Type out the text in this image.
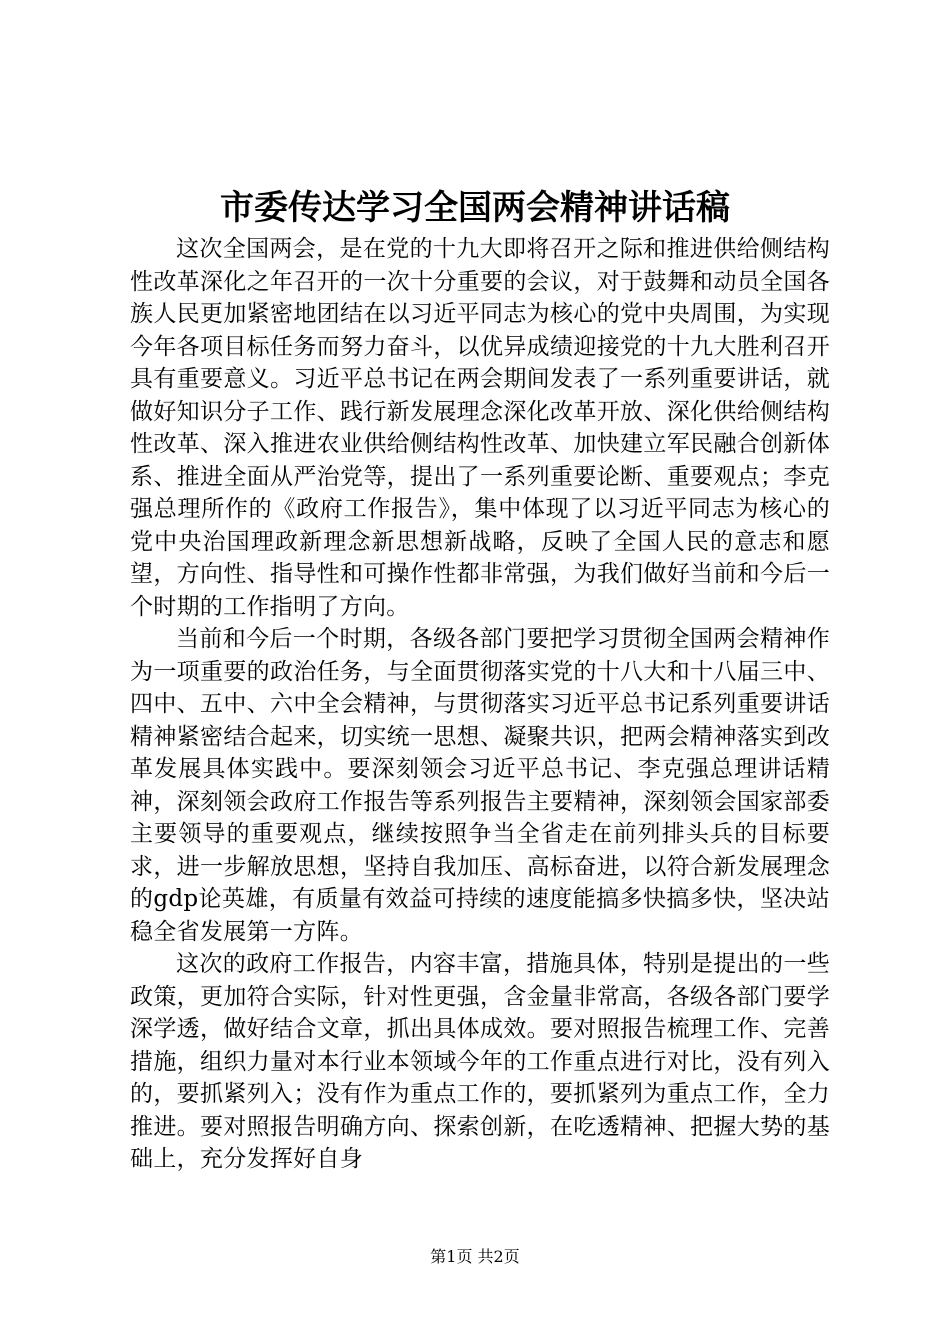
市委传达学习全国两会精神讲话稿

这次全国两会，是在党的十九大即将召开之际和推进供给侧结构性改革深化之年召开的一次十分重要的会议，对于鼓舞和动员全国各族人民更加紧密地团结在以习近平同志为核心的党中央周围，为实现今年各项目标任务而努力奋斗，以优异成绩迎接党的十九大胜利召开具有重要意义。习近平总书记在两会期间发表了一系列重要讲话，就做好知识分子工作、践行新发展理念深化改革开放、深化供给侧结构性改革、深入推进农业供给侧结构性改革、加快建立军民融合创新体系、推进全面从严治党等，提出了一系列重要论断、重要观点；李克强总理所作的《政府工作报告》，集中体现了以习近平同志为核心的党中央治国理政新理念新思想新战略，反映了全国人民的意志和愿望，方向性、指导性和可操作性都非常强，为我们做好当前和今后一个时期的工作指明了方向。

当前和今后一个时期，各级各部门要把学习贯彻全国两会精神作为一项重要的政治任务，与全面贯彻落实党的十八大和十八届三中、四中、五中、六中全会精神，与贯彻落实习近平总书记系列重要讲话精神紧密结合起来，切实统一思想、凝聚共识，把两会精神落实到改革发展具体实践中。要深刻领会习近平总书记、李克强总理讲话精神，深刻领会政府工作报告等系列报告主要精神，深刻领会国家部委主要领导的重要观点，继续按照争当全省走在前列排头兵的目标要求，进一步解放思想，坚持自我加压、高标奋进，以符合新发展理念的gdp论英雄，有质量有效益可持续的速度能搞多快搞多快，坚决站稳全省发展第一方阵。

这次的政府工作报告，内容丰富，措施具体，特别是提出的一些政策，更加符合实际，针对性更强，含金量非常高，各级各部门要学深学透，做好结合文章，抓出具体成效。要对照报告梳理工作、完善措施，组织力量对本行业本领域今年的工作重点进行对比，没有列入的，要抓紧列入；没有作为重点工作的，要抓紧列为重点工作，全力推进。要对照报告明确方向、探索创新，在吃透精神、把握大势的基础上，充分发挥好自身

第1页 共2页
